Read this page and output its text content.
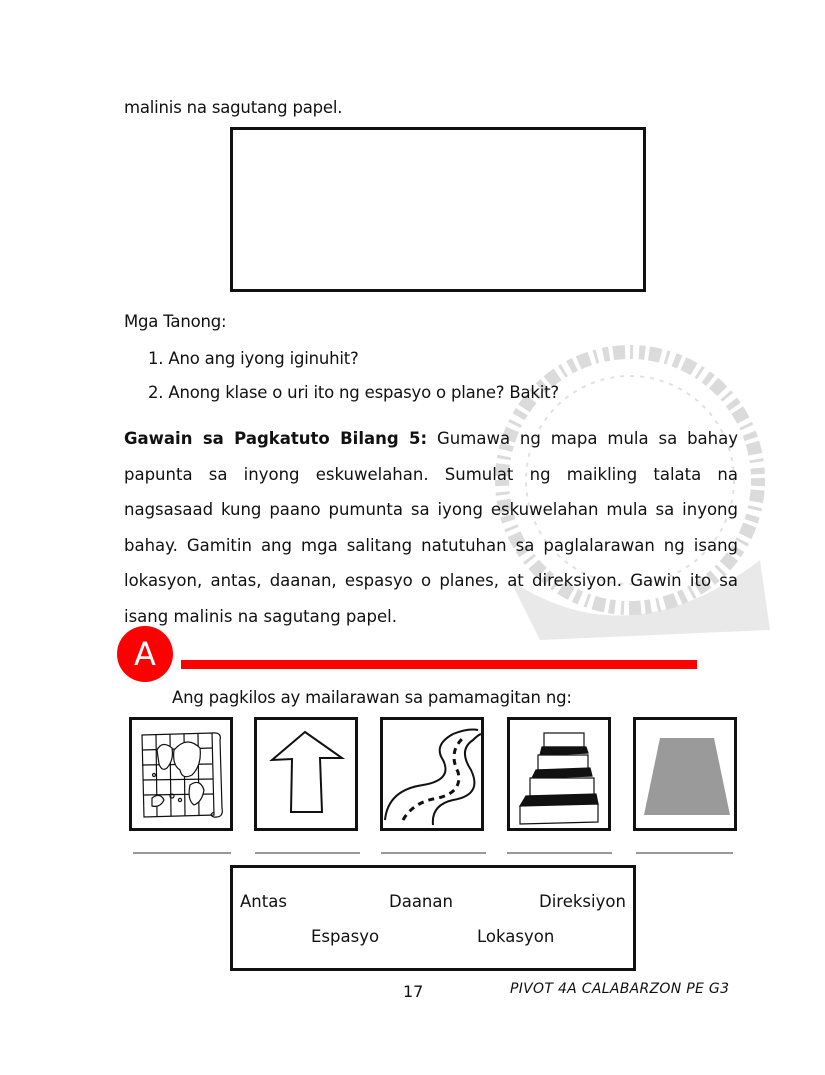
malinis na sagutang papel.
Mga Tanong:
1. Ano ang iyong iginuhit?
2. Anong klase o uri ito ng espasyo o plane? Bakit?
Gawain sa Pagkatuto Bilang 5: Gumawa ng mapa mula sa bahay papunta sa inyong eskuwelahan. Sumulat ng maikling talata na nagsasaad kung paano pumunta sa iyong eskuwelahan mula sa inyong bahay. Gamitin ang mga salitang natutuhan sa paglalarawan ng isang lokasyon, antas, daanan, espasyo o planes, at direksiyon. Gawin ito sa isang malinis na sagutang papel.
A
Ang pagkilos ay mailarawan sa pamamagitan ng:
Antas	Daanan	Direksiyon
Espasyo	Lokasyon
17	PIVOT 4A CALABARZON PE G3
